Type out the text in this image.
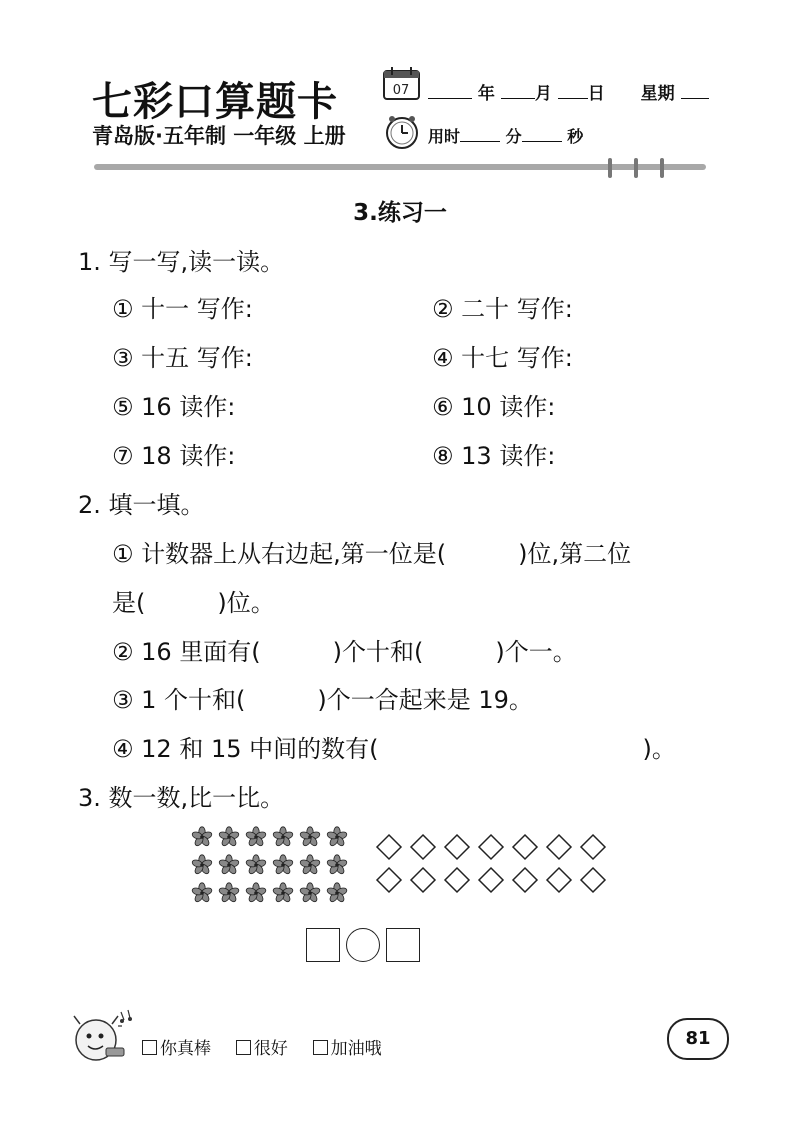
七彩口算题卡	07	年 月 日 星期
青岛版·五年制 一年级 上册	用时	分	秒
3.练习一
1. 写一写,读一读。
① 十一 写作:	② 二十 写作:
③ 十五 写作:	④ 十七 写作:
⑤ 16 读作:	⑥ 10 读作:
⑦ 18 读作:	⑧ 13 读作:
2. 填一填。
① 计数器上从右边起,第一位是(　　　)位,第二位
是(　　　)位。
② 16 里面有(　　　)个十和(　　　)个一。
③ 1 个十和(　　　)个一合起来是 19。
④ 12 和 15 中间的数有(　　　　　　　　　　　)。
3. 数一数,比一比。
你真棒	很好	加油哦	81
